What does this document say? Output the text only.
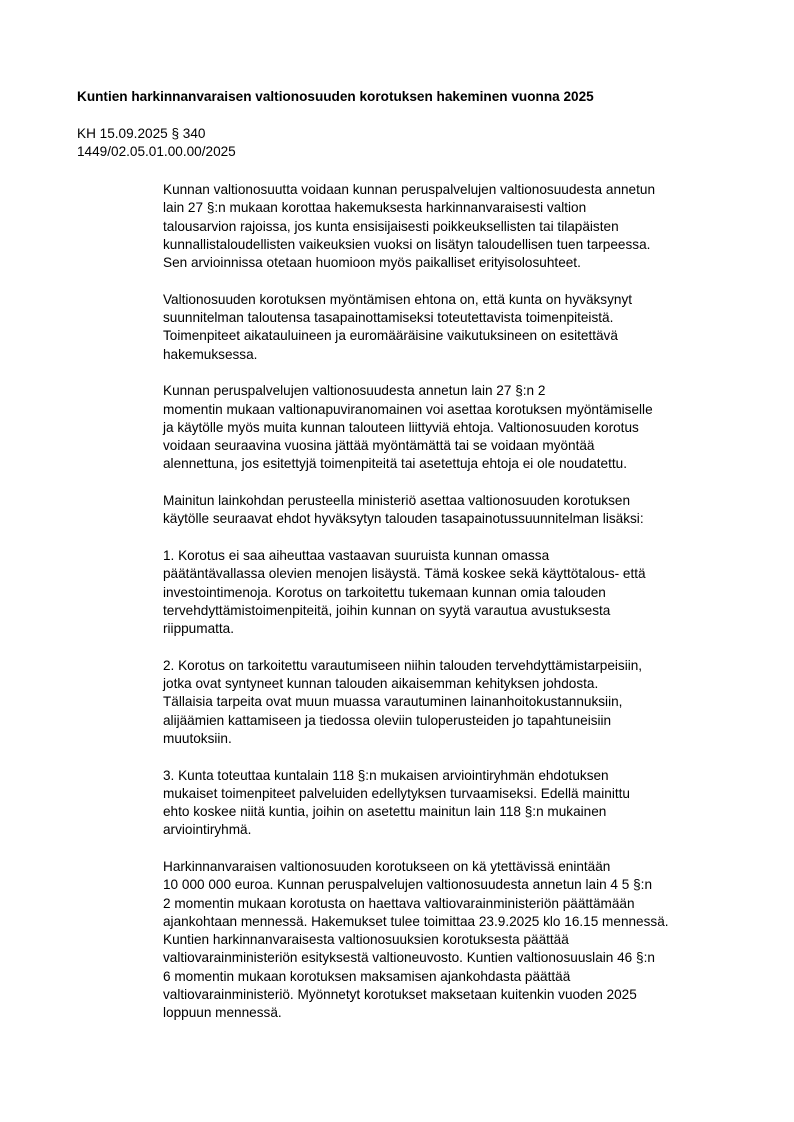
Kuntien harkinnanvaraisen valtionosuuden korotuksen hakeminen vuonna 2025
KH 15.09.2025 § 340
1449/02.05.01.00.00/2025
Kunnan valtionosuutta voidaan kunnan peruspalvelujen valtionosuudesta annetun
lain 27 §:n mukaan korottaa hakemuksesta harkinnanvaraisesti valtion
talousarvion rajoissa, jos kunta ensisijaisesti poikkeuksellisten tai tilapäisten
kunnallistaloudellisten vaikeuksien vuoksi on lisätyn taloudellisen tuen tarpeessa.
Sen arvioinnissa otetaan huomioon myös paikalliset erityisolosuhteet.
Valtionosuuden korotuksen myöntämisen ehtona on, että kunta on hyväksynyt
suunnitelman taloutensa tasapainottamiseksi toteutettavista toimenpiteistä.
Toimenpiteet aikatauluineen ja euromääräisine vaikutuksineen on esitettävä
hakemuksessa.
Kunnan peruspalvelujen valtionosuudesta annetun lain 27 §:n 2
momentin mukaan valtionapuviranomainen voi asettaa korotuksen myöntämiselle
ja käytölle myös muita kunnan talouteen liittyviä ehtoja. Valtionosuuden korotus
voidaan seuraavina vuosina jättää myöntämättä tai se voidaan myöntää
alennettuna, jos esitettyjä toimenpiteitä tai asetettuja ehtoja ei ole noudatettu.
Mainitun lainkohdan perusteella ministeriö asettaa valtionosuuden korotuksen
käytölle seuraavat ehdot hyväksytyn talouden tasapainotussuunnitelman lisäksi:
1. Korotus ei saa aiheuttaa vastaavan suuruista kunnan omassa
päätäntävallassa olevien menojen lisäystä. Tämä koskee sekä käyttötalous- että
investointimenoja. Korotus on tarkoitettu tukemaan kunnan omia talouden
tervehdyttämistoimenpiteitä, joihin kunnan on syytä varautua avustuksesta
riippumatta.
2. Korotus on tarkoitettu varautumiseen niihin talouden tervehdyttämistarpeisiin,
jotka ovat syntyneet kunnan talouden aikaisemman kehityksen johdosta.
Tällaisia tarpeita ovat muun muassa varautuminen lainanhoitokustannuksiin,
alijäämien kattamiseen ja tiedossa oleviin tuloperusteiden jo tapahtuneisiin
muutoksiin.
3. Kunta toteuttaa kuntalain 118 §:n mukaisen arviointiryhmän ehdotuksen
mukaiset toimenpiteet palveluiden edellytyksen turvaamiseksi. Edellä mainittu
ehto koskee niitä kuntia, joihin on asetettu mainitun lain 118 §:n mukainen
arviointiryhmä.
Harkinnanvaraisen valtionosuuden korotukseen on kä ytettävissä enintään
10 000 000 euroa. Kunnan peruspalvelujen valtionosuudesta annetun lain 4 5 §:n
2 momentin mukaan korotusta on haettava valtiovarainministeriön päättämään
ajankohtaan mennessä. Hakemukset tulee toimittaa 23.9.2025 klo 16.15 mennessä.
Kuntien harkinnanvaraisesta valtionosuuksien korotuksesta päättää
valtiovarainministeriön esityksestä valtioneuvosto. Kuntien valtionosuuslain 46 §:n
6 momentin mukaan korotuksen maksamisen ajankohdasta päättää
valtiovarainministeriö. Myönnetyt korotukset maksetaan kuitenkin vuoden 2025
loppuun mennessä.
